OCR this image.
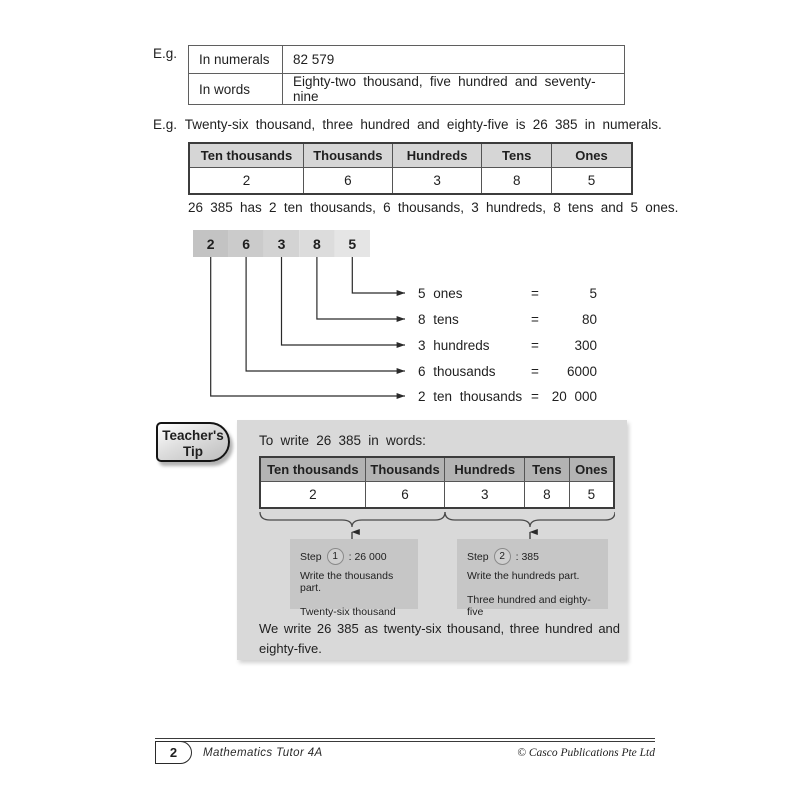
E.g. In numerals	82 579
In words	Eighty-two thousand, five hundred and seventy-nine
E.g. Twenty-six thousand, three hundred and eighty-five is 26 385 in numerals.
Ten thousands	Thousands	Hundreds	Tens	Ones
2	6	3	8	5
26 385 has 2 ten thousands, 6 thousands, 3 hundreds, 8 tens and 5 ones.
2 6 3 8 5
5 ones	=	5
8 tens	=	80
3 hundreds	=	300
6 thousands	= 6000
2 ten thousands = 20 000
To write 26 385 in words:
Ten thousands	Thousands	Hundreds	Tens	Ones
2	6	3	8	5
Step	1	: 26 000
Write the thousands part.
Twenty-six thousand
Step	2	: 385
Write the hundreds part.
Three hundred and eighty-five
We write 26 385 as twenty-six thousand, three hundred and eighty-five.
Teacher's
Tip
2	Mathematics Tutor 4A	© Casco Publications Pte Ltd
